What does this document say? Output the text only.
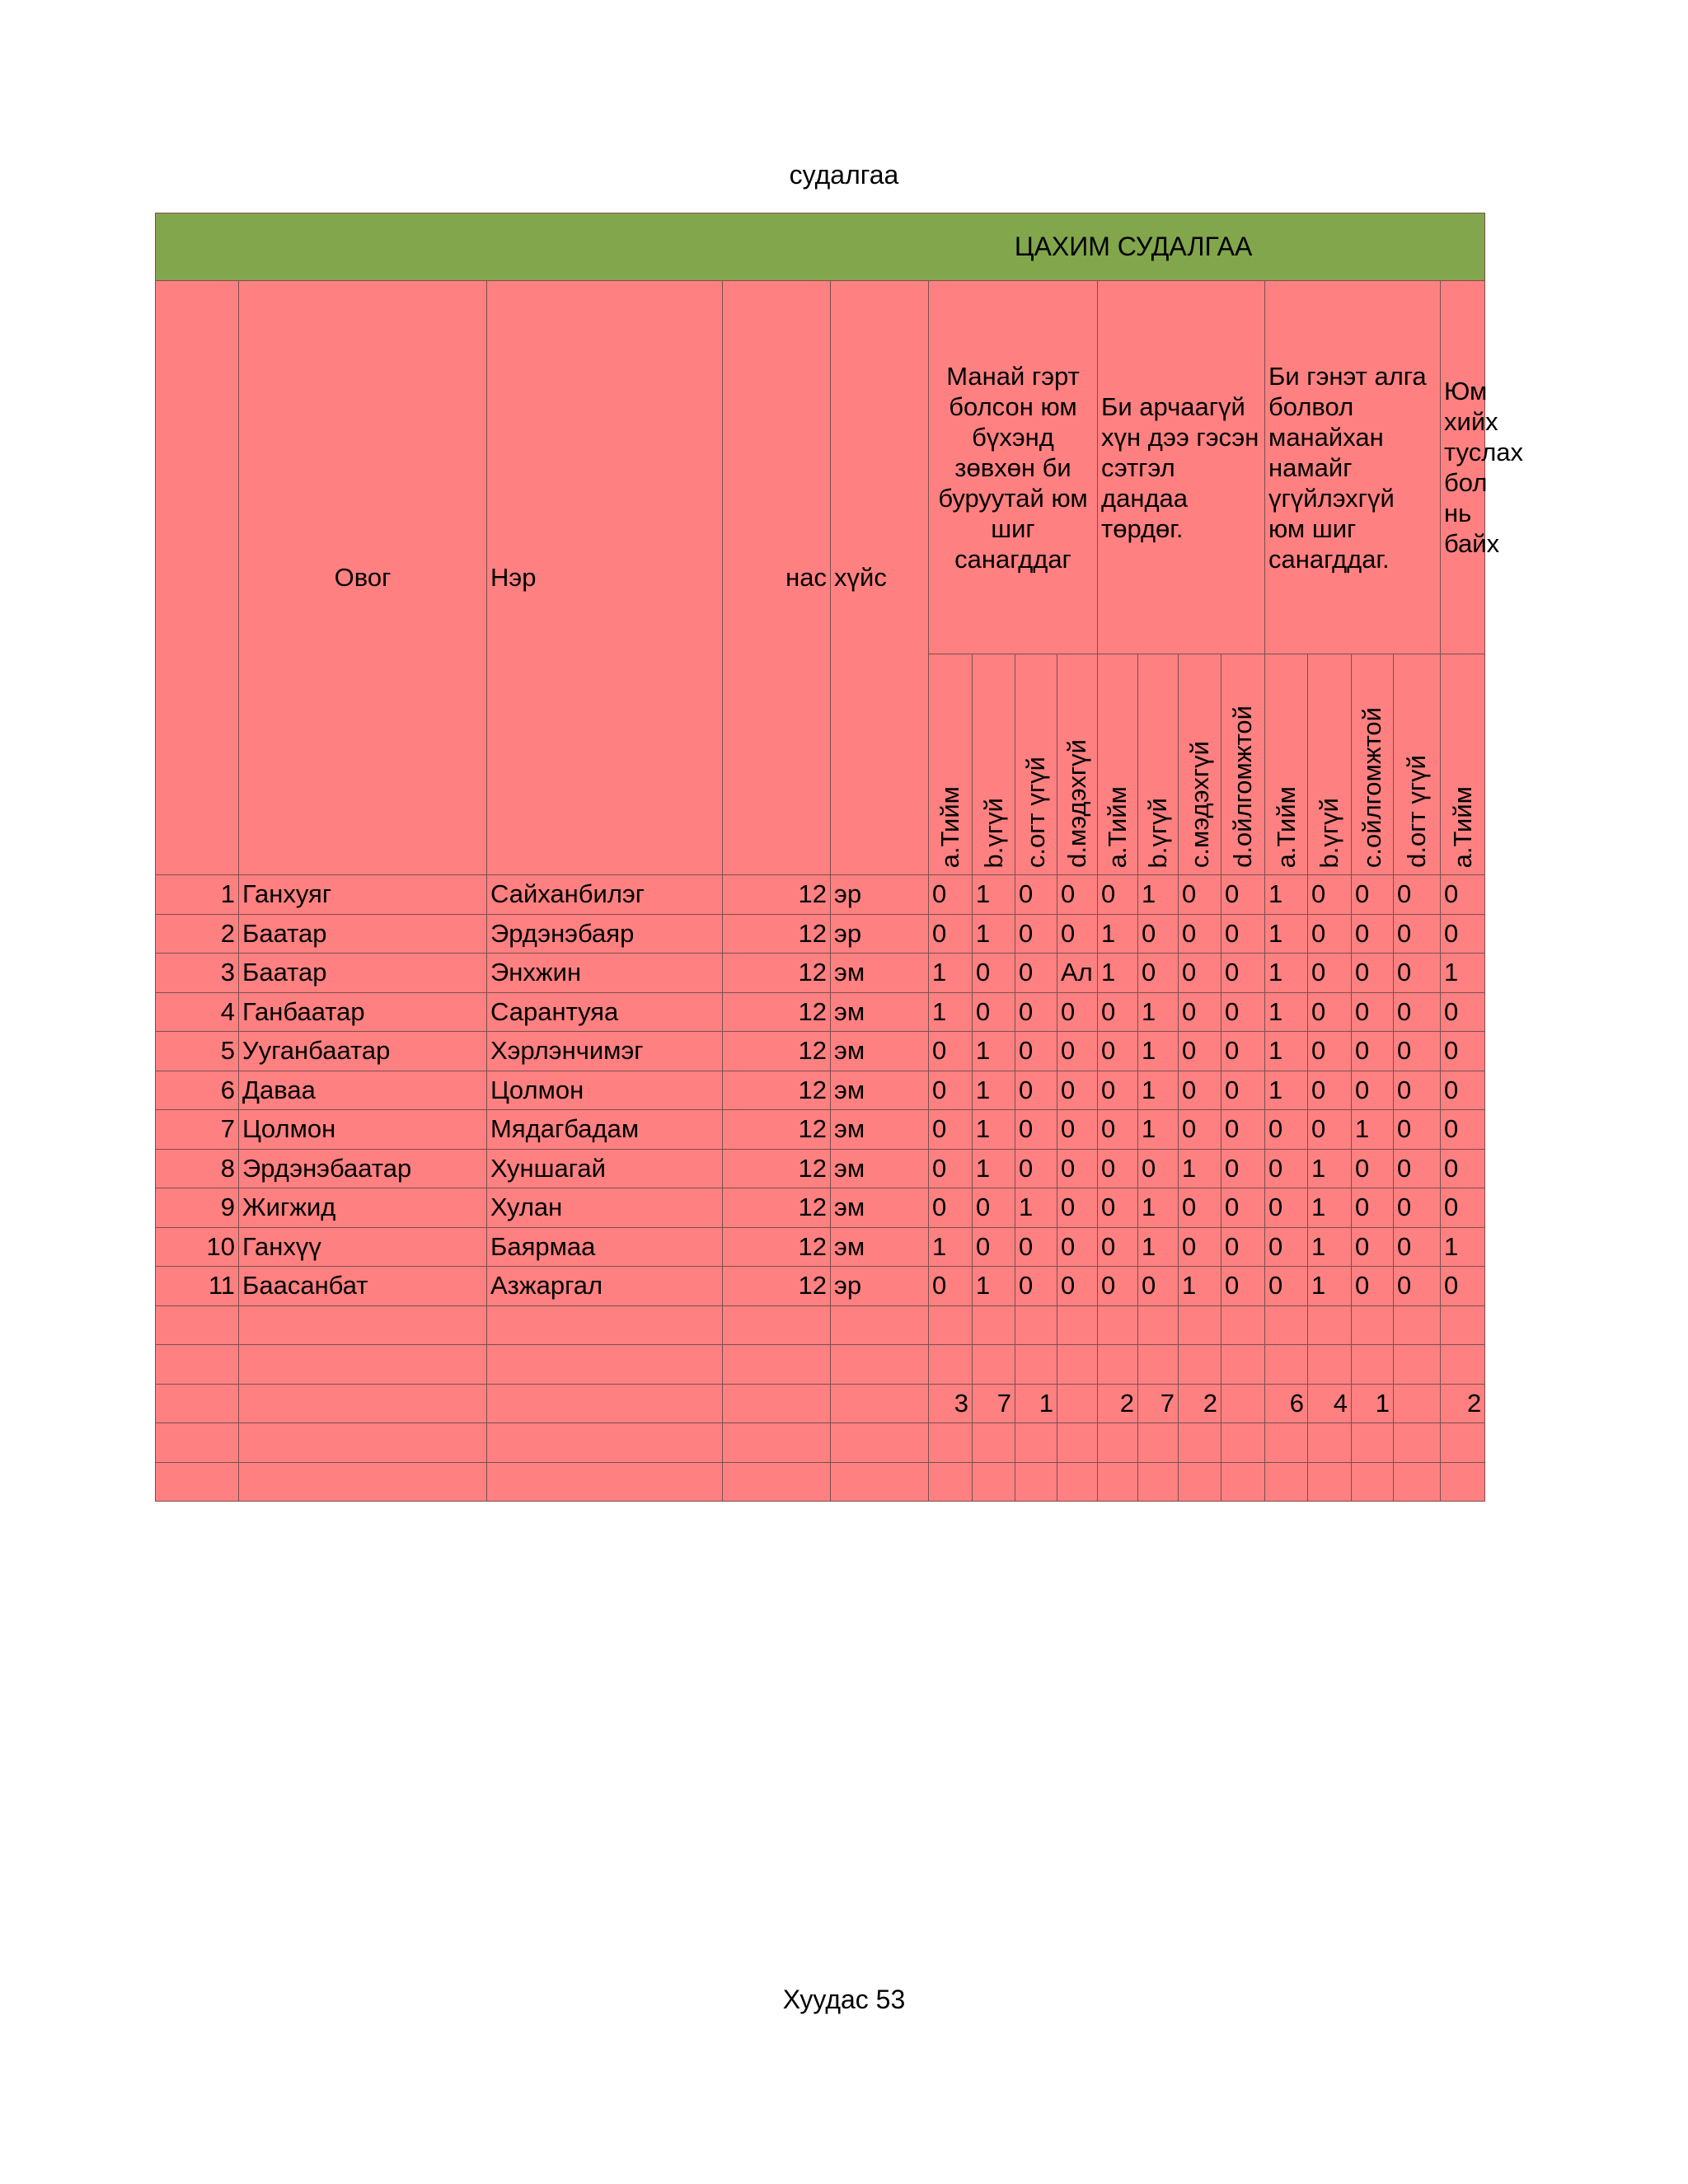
судалгаа
ЦАХИМ СУДАЛГАА																	
	Овог	Нэр	нас	хүйс	Манай гэрт болсон юм бүхэнд зөвхөн би буруутай юм шиг санагддаг				Би арчаагүй хүн дээ гэсэн сэтгэл дандаа төрдөг.				Би гэнэт алга болвол манайхан намайг үгүйлэхгүй юм шиг санагддаг.				Юм хийх туслах бол нь байх
					a.Тийм	b.үгүй	c.огт үгүй	d.мэдэхгүй	a.Тийм	b.үгүй	c.мэдэхгүй	d.ойлгомжтой	a.Тийм	b.үгүй	c.ойлгомжтой	d.огт үгүй	a.Тийм
1	Ганхуяг	Сайханбилэг	12	эр	0	1	0	0	0	1	0	0	1	0	0	0	0
2	Баатар	Эрдэнэбаяр	12	эр	0	1	0	0	1	0	0	0	1	0	0	0	0
3	Баатар	Энхжин	12	эм	1	0	0	Ал	1	0	0	0	1	0	0	0	1
4	Ганбаатар	Сарантуяа	12	эм	1	0	0	0	0	1	0	0	1	0	0	0	0
5	Ууганбаатар	Хэрлэнчимэг	12	эм	0	1	0	0	0	1	0	0	1	0	0	0	0
6	Даваа	Цолмон	12	эм	0	1	0	0	0	1	0	0	1	0	0	0	0
7	Цолмон	Мядагбадам	12	эм	0	1	0	0	0	1	0	0	0	0	1	0	0
8	Эрдэнэбаатар	Хуншагай	12	эм	0	1	0	0	0	0	1	0	0	1	0	0	0
9	Жигжид	Хулан	12	эм	0	0	1	0	0	1	0	0	0	1	0	0	0
10	Ганхүү	Баярмаа	12	эм	1	0	0	0	0	1	0	0	0	1	0	0	1
11	Баасанбат	Азжаргал	12	эр	0	1	0	0	0	0	1	0	0	1	0	0	0

					3	7	1		2	7	2		6	4	1		2

Хуудас 53
